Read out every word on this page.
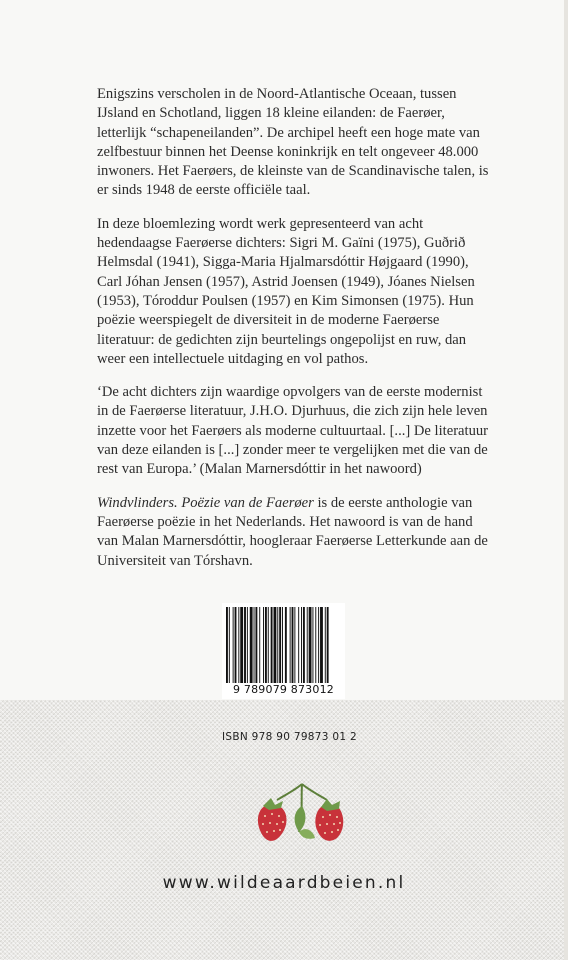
Enigszins verscholen in de Noord-Atlantische Oceaan, tussen IJsland en Schotland, liggen 18 kleine eilanden: de Faerøer, letterlijk “schapeneilanden”. De archipel heeft een hoge mate van zelfbestuur binnen het Deense koninkrijk en telt ongeveer 48.000 inwoners. Het Faerøers, de kleinste van de Scandinavische talen, is er sinds 1948 de eerste officiële taal.

In deze bloemlezing wordt werk gepresenteerd van acht hedendaagse Faerøerse dichters: Sigri M. Gaïni (1975), Guðrið Helmsdal (1941), Sigga-Maria Hjalmarsdóttir Højgaard (1990), Carl Jóhan Jensen (1957), Astrid Joensen (1949), Jóanes Nielsen (1953), Tóroddur Poulsen (1957) en Kim Simonsen (1975). Hun poëzie weerspiegelt de diversiteit in de moderne Faerøerse literatuur: de gedichten zijn beurtelings ongepolijst en ruw, dan weer een intellectuele uitdaging en vol pathos.

‘De acht dichters zijn waardige opvolgers van de eerste modernist in de Faerøerse literatuur, J.H.O. Djurhuus, die zich zijn hele leven inzette voor het Faerøers als moderne cultuurtaal. [...] De literatuur van deze eilanden is [...] zonder meer te vergelijken met die van de rest van Europa.’ (Malan Marnersdóttir in het nawoord)

Windvlinders. Poëzie van de Faerøer is de eerste anthologie van Faerøerse poëzie in het Nederlands. Het nawoord is van de hand van Malan Marnersdóttir, hoogleraar Faerøerse Letterkunde aan de Universiteit van Tórshavn.

9 789079 873012
ISBN 978 90 79873 01 2
www.wildeaardbeien.nl
